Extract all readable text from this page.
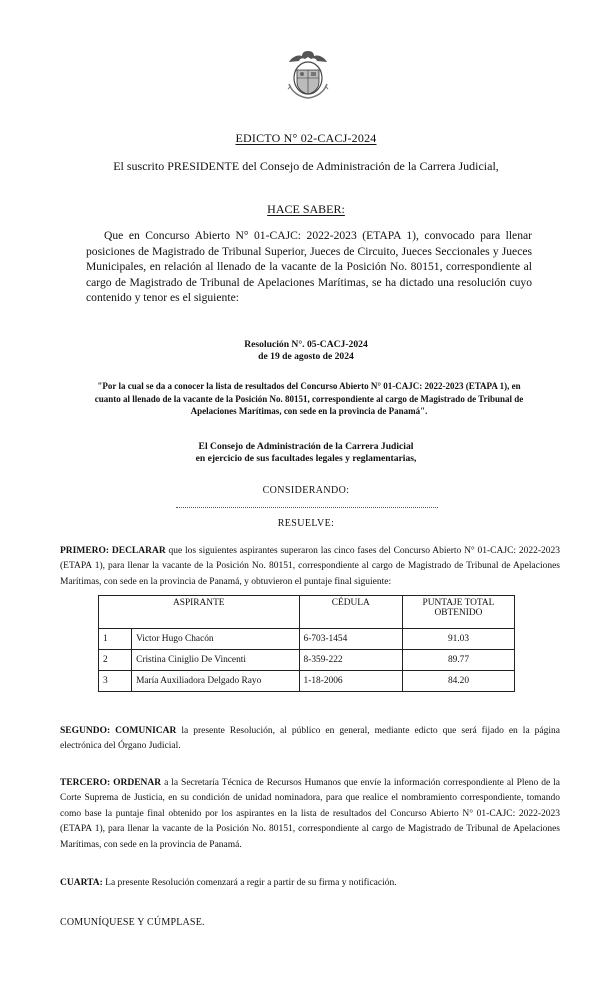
EDICTO N° 02-CACJ-2024
El suscrito PRESIDENTE del Consejo de Administración de la Carrera Judicial,
HACE SABER:
Que en Concurso Abierto N° 01-CAJC: 2022-2023 (ETAPA 1), convocado para llenar posiciones de Magistrado de Tribunal Superior, Jueces de Circuito, Jueces Seccionales y Jueces Municipales, en relación al llenado de la vacante de la Posición No. 80151, correspondiente al cargo de Magistrado de Tribunal de Apelaciones Marítimas, se ha dictado una resolución cuyo contenido y tenor es el siguiente:
Resolución N°. 05-CACJ-2024
de 19 de agosto de 2024
"Por la cual se da a conocer la lista de resultados del Concurso Abierto N° 01-CAJC: 2022-2023 (ETAPA 1), en cuanto al llenado de la vacante de la Posición No. 80151, correspondiente al cargo de Magistrado de Tribunal de Apelaciones Marítimas, con sede en la provincia de Panamá".
El Consejo de Administración de la Carrera Judicial
en ejercicio de sus facultades legales y reglamentarias,
CONSIDERANDO:
RESUELVE:
PRIMERO: DECLARAR que los siguientes aspirantes superaron las cinco fases del Concurso Abierto N° 01-CAJC: 2022-2023 (ETAPA 1), para llenar la vacante de la Posición No. 80151, correspondiente al cargo de Magistrado de Tribunal de Apelaciones Marítimas, con sede en la provincia de Panamá, y obtuvieron el puntaje final siguiente:
ASPIRANTE		CÉDULA	PUNTAJE TOTAL OBTENIDO
1	Victor Hugo Chacón	6-703-1454	91.03
2	Cristina Ciniglio De Vincenti	8-359-222	89.77
3	María Auxiliadora Delgado Rayo	1-18-2006	84.20
SEGUNDO: COMUNICAR la presente Resolución, al público en general, mediante edicto que será fijado en la página electrónica del Órgano Judicial.
TERCERO: ORDENAR a la Secretaría Técnica de Recursos Humanos que envíe la información correspondiente al Pleno de la Corte Suprema de Justicia, en su condición de unidad nominadora, para que realice el nombramiento correspondiente, tomando como base la puntaje final obtenido por los aspirantes en la lista de resultados del Concurso Abierto N° 01-CAJC: 2022-2023 (ETAPA 1), para llenar la vacante de la Posición No. 80151, correspondiente al cargo de Magistrado de Tribunal de Apelaciones Marítimas, con sede en la provincia de Panamá.
CUARTA: La presente Resolución comenzará a regir a partir de su firma y notificación.
COMUNÍQUESE Y CÚMPLASE.
